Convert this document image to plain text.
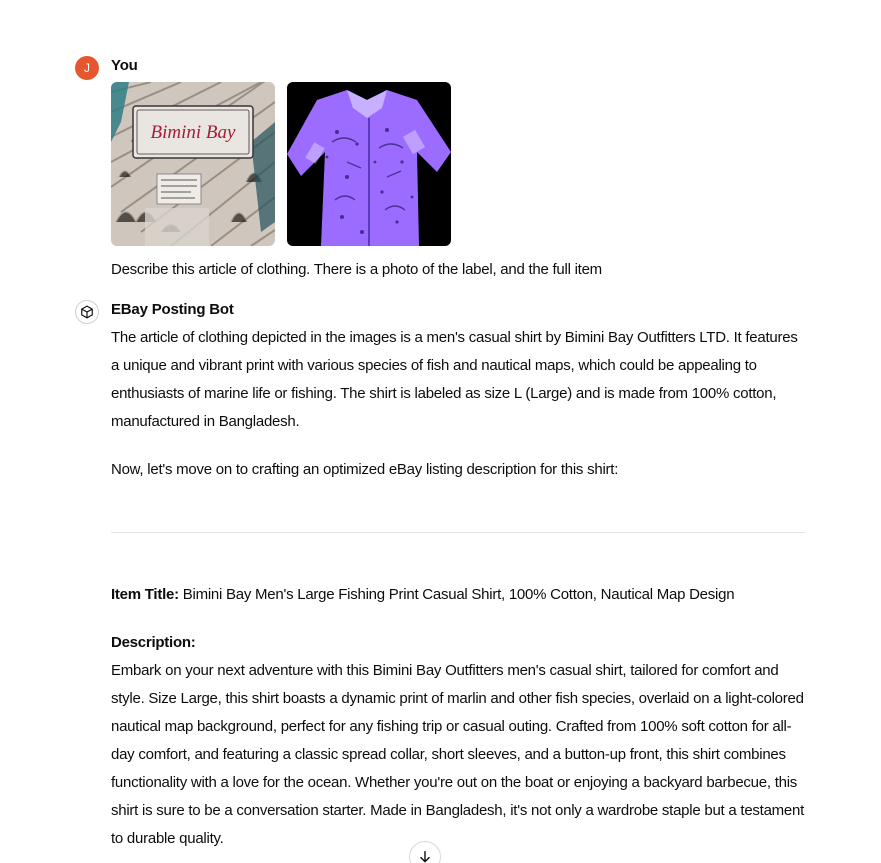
J You
Bimini Bay
Describe this article of clothing. There is a photo of the label, and the full item
EBay Posting Bot

The article of clothing depicted in the images is a men's casual shirt by Bimini Bay Outfitters LTD. It features a unique and vibrant print with various species of fish and nautical maps, which could be appealing to enthusiasts of marine life or fishing. The shirt is labeled as size L (Large) and is made from 100% cotton, manufactured in Bangladesh.

Now, let's move on to crafting an optimized eBay listing description for this shirt:

Item Title: Bimini Bay Men's Large Fishing Print Casual Shirt, 100% Cotton, Nautical Map Design

Description:

Embark on your next adventure with this Bimini Bay Outfitters men's casual shirt, tailored for comfort and style. Size Large, this shirt boasts a dynamic print of marlin and other fish species, overlaid on a light-colored nautical map background, perfect for any fishing trip or casual outing. Crafted from 100% soft cotton for all-day comfort, and featuring a classic spread collar, short sleeves, and a button-up front, this shirt combines functionality with a love for the ocean. Whether you're out on the boat or enjoying a backyard barbecue, this shirt is sure to be a conversation starter. Made in Bangladesh, it's not only a wardrobe staple but a testament to durable quality.
